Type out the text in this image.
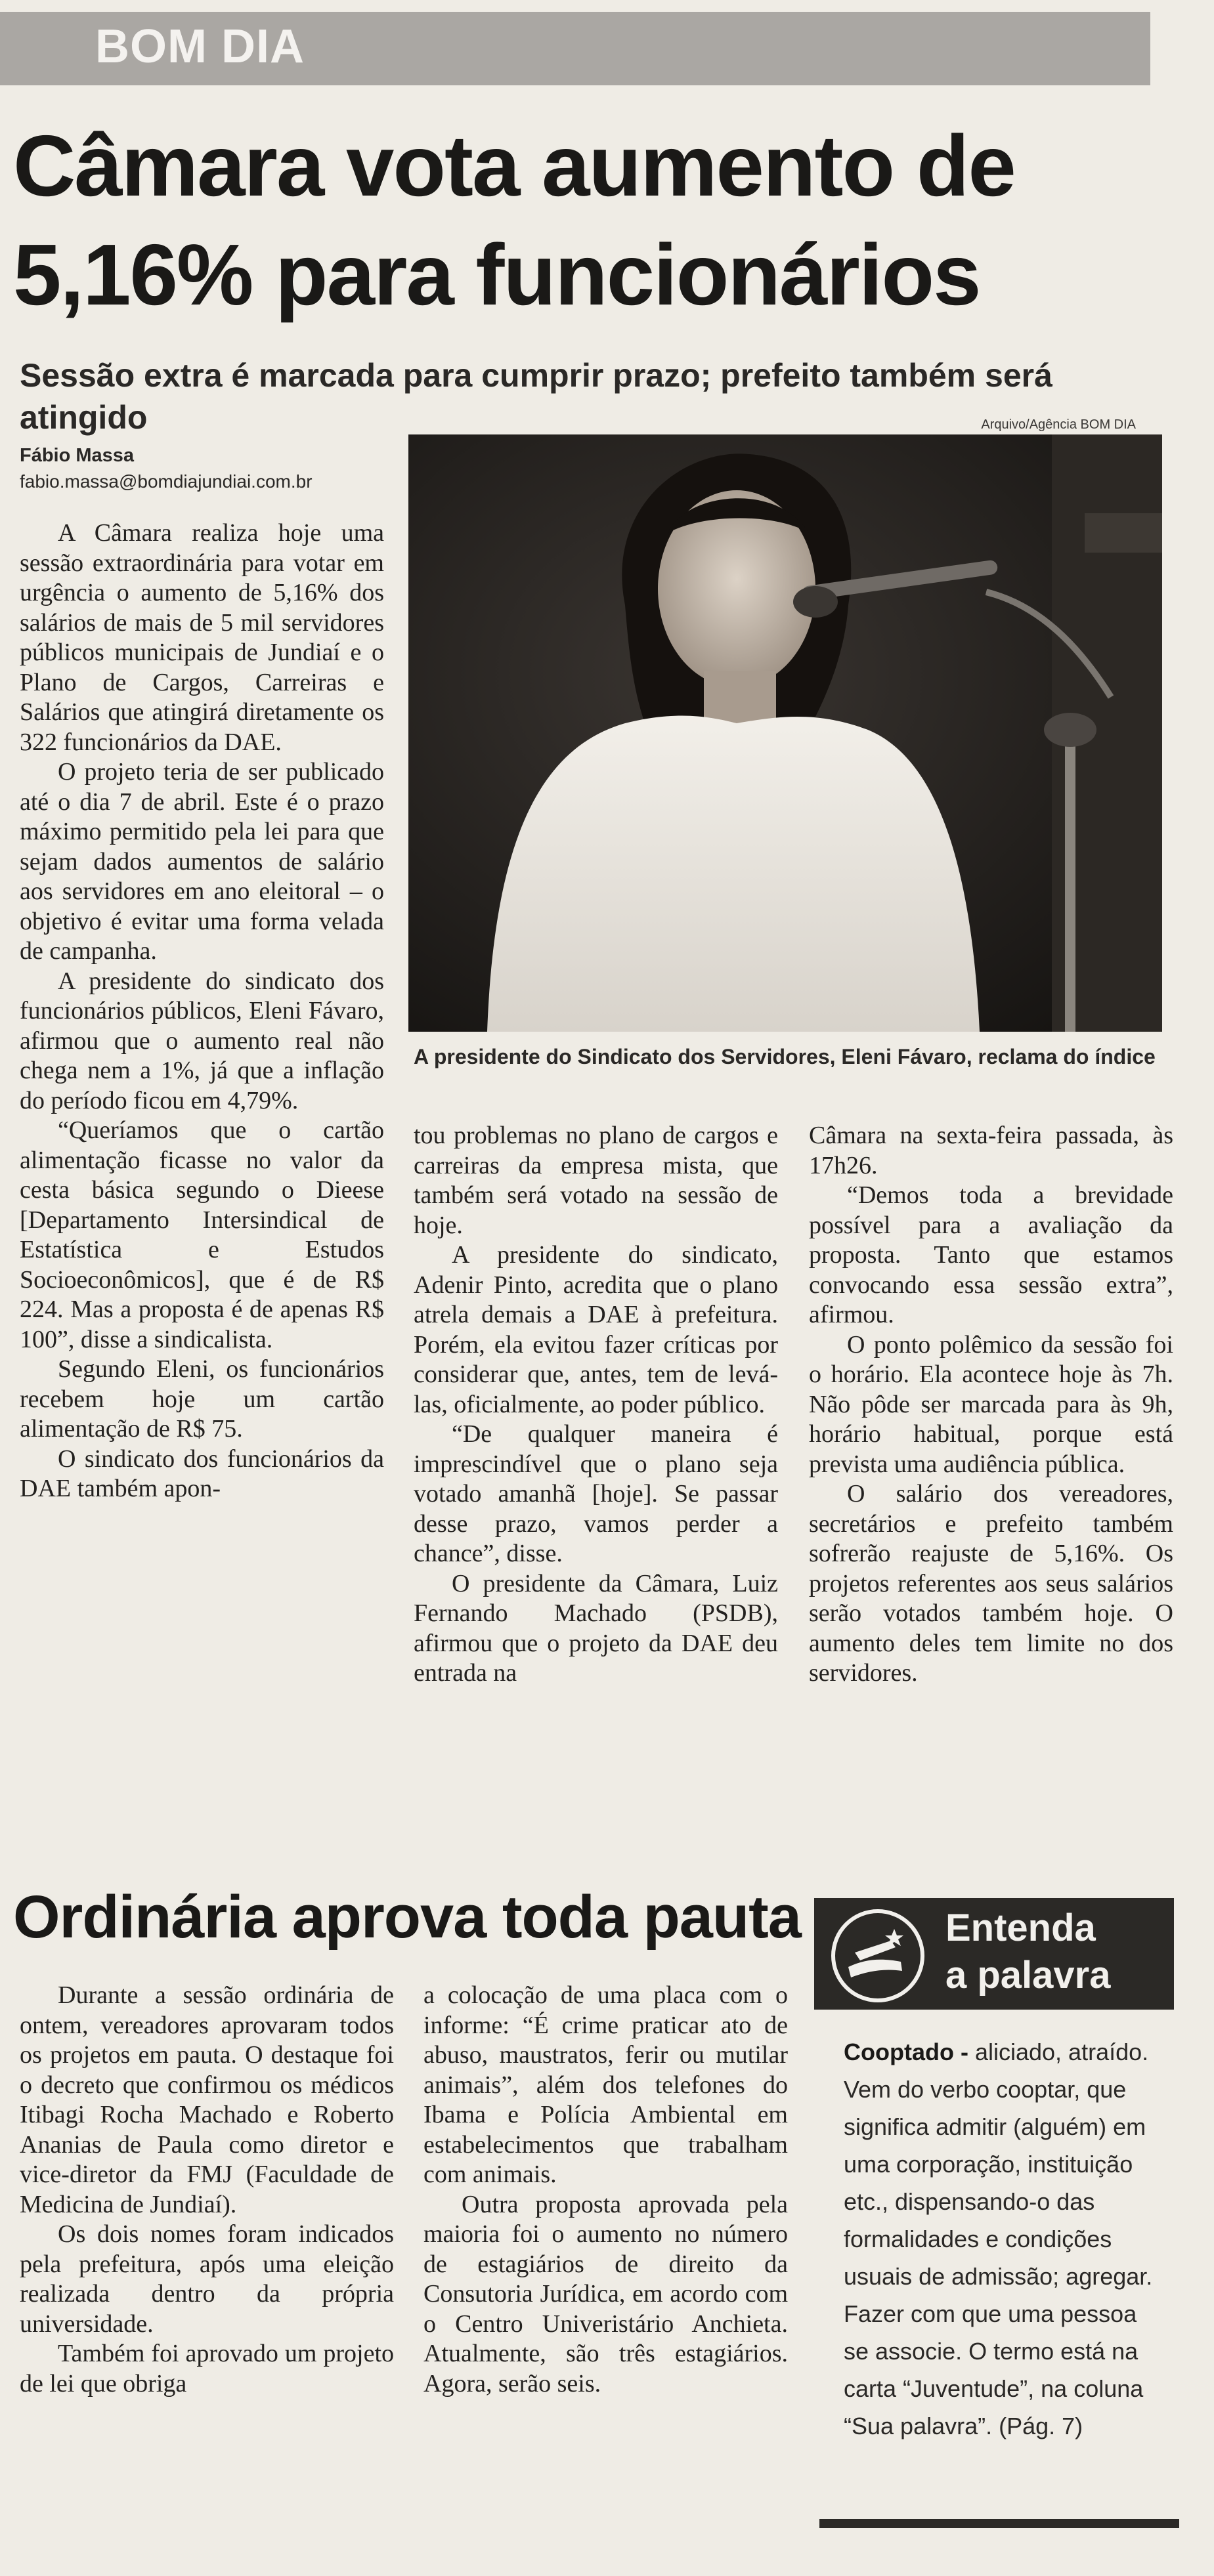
BOM DIA
Câmara vota aumento de
5,16% para funcionários
Sessão extra é marcada para cumprir prazo; prefeito também será atingido
Fábio Massa
fabio.massa@bomdiajundiai.com.br
Arquivo/Agência BOM DIA
A presidente do Sindicato dos Servidores, Eleni Fávaro, reclama do índice

A Câmara realiza hoje uma sessão extraordinária para votar em urgência o aumento de 5,16% dos salários de mais de 5 mil servidores públicos municipais de Jundiaí e o Plano de Cargos, Carreiras e Salários que atingirá diretamente os 322 funcionários da DAE.

O projeto teria de ser publicado até o dia 7 de abril. Este é o prazo máximo permitido pela lei para que sejam dados aumentos de salário aos servidores em ano eleitoral – o objetivo é evitar uma forma velada de campanha.

A presidente do sindicato dos funcionários públicos, Eleni Fávaro, afirmou que o aumento real não chega nem a 1%, já que a inflação do período ficou em 4,79%.

“Queríamos que o cartão alimentação ficasse no valor da cesta básica segundo o Dieese [Departamento Intersindical de Estatística e Estudos Socioeconômicos], que é de R$ 224. Mas a proposta é de apenas R$ 100”, disse a sindicalista.

Segundo Eleni, os funcionários recebem hoje um cartão alimentação de R$ 75.

O sindicato dos funcionários da DAE também apon-

tou problemas no plano de cargos e carreiras da empresa mista, que também será votado na sessão de hoje.

A presidente do sindicato, Adenir Pinto, acredita que o plano atrela demais a DAE à prefeitura. Porém, ela evitou fazer críticas por considerar que, antes, tem de levá-las, oficialmente, ao poder público.

“De qualquer maneira é imprescindível que o plano seja votado amanhã [hoje]. Se passar desse prazo, vamos perder a chance”, disse.

O presidente da Câmara, Luiz Fernando Machado (PSDB), afirmou que o projeto da DAE deu entrada na

Câmara na sexta-feira passada, às 17h26.

“Demos toda a brevidade possível para a avaliação da proposta. Tanto que estamos convocando essa sessão extra”, afirmou.

O ponto polêmico da sessão foi o horário. Ela acontece hoje às 7h. Não pôde ser marcada para às 9h, horário habitual, porque está prevista uma audiência pública.

O salário dos vereadores, secretários e prefeito também sofrerão reajuste de 5,16%. Os projetos referentes aos seus salários serão votados também hoje. O aumento deles tem limite no dos servidores.

Ordinária aprova toda pauta

Durante a sessão ordinária de ontem, vereadores aprovaram todos os projetos em pauta. O destaque foi o decreto que confirmou os médicos Itibagi Rocha Machado e Roberto Ananias de Paula como diretor e vice-diretor da FMJ (Faculdade de Medicina de Jundiaí).

Os dois nomes foram indicados pela prefeitura, após uma eleição realizada dentro da própria universidade.

Também foi aprovado um projeto de lei que obriga

a colocação de uma placa com o informe: “É crime praticar ato de abuso, maustratos, ferir ou mutilar animais”, além dos telefones do Ibama e Polícia Ambiental em estabelecimentos que trabalham com animais.

Outra proposta aprovada pela maioria foi o aumento no número de estagiários de direito da Consutoria Jurídica, em acordo com o Centro Univeristário Anchieta. Atualmente, são três estagiários. Agora, serão seis.

Entenda
a palavra
Cooptado - aliciado, atraído. Vem do verbo cooptar, que significa admitir (alguém) em uma corporação, instituição etc., dispensando-o das formalidades e condições usuais de admissão; agregar. Fazer com que uma pessoa se associe. O termo está na carta “Juventude”, na coluna “Sua palavra”. (Pág. 7)
